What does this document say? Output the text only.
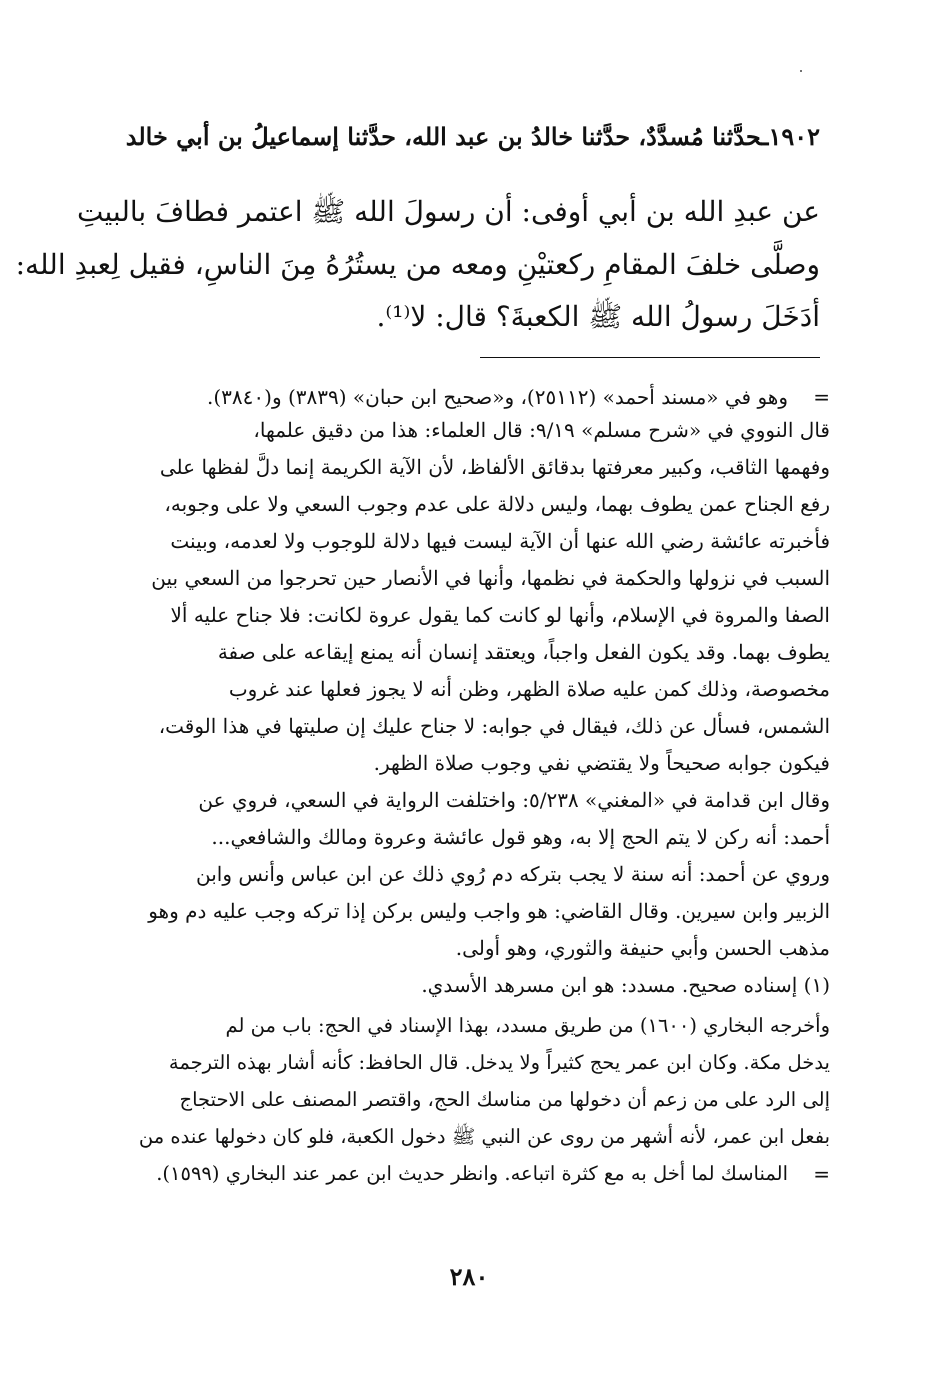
١٩٠٢ـحدَّثنا مُسدَّدٌ، حدَّثنا خالدُ بن عبد الله، حدَّثنا إسماعيلُ بن أبي خالد
عن عبدِ الله بن أبي أوفى: أن رسولَ الله ﷺ اعتمر فطافَ بالبيتِ
وصلَّى خلفَ المقامِ ركعتيْنِ ومعه من يستُرُهُ مِنَ الناسِ، فقيل لِعبدِ الله:
أدَخَلَ رسولُ الله ﷺ الكعبةَ؟ قال: لا⁽¹⁾.
=
وهو في «مسند أحمد» (٢٥١١٢)، و«صحيح ابن حبان» (٣٨٣٩) و(٣٨٤٠).
قال النووي في «شرح مسلم» ٩/١٩: قال العلماء: هذا من دقيق علمها،
وفهمها الثاقب، وكبير معرفتها بدقائق الألفاظ، لأن الآية الكريمة إنما دلَّ لفظها على
رفع الجناح عمن يطوف بهما، وليس دلالة على عدم وجوب السعي ولا على وجوبه،
فأخبرته عائشة رضي الله عنها أن الآية ليست فيها دلالة للوجوب ولا لعدمه، وبينت
السبب في نزولها والحكمة في نظمها، وأنها في الأنصار حين تحرجوا من السعي بين
الصفا والمروة في الإسلام، وأنها لو كانت كما يقول عروة لكانت: فلا جناح عليه ألا
يطوف بهما. وقد يكون الفعل واجباً، ويعتقد إنسان أنه يمنع إيقاعه على صفة
مخصوصة، وذلك كمن عليه صلاة الظهر، وظن أنه لا يجوز فعلها عند غروب
الشمس، فسأل عن ذلك، فيقال في جوابه: لا جناح عليك إن صليتها في هذا الوقت،
فيكون جوابه صحيحاً ولا يقتضي نفي وجوب صلاة الظهر.
وقال ابن قدامة في «المغني» ٥/٢٣٨: واختلفت الرواية في السعي، فروي عن
أحمد: أنه ركن لا يتم الحج إلا به، وهو قول عائشة وعروة ومالك والشافعي...
وروي عن أحمد: أنه سنة لا يجب بتركه دم رُوي ذلك عن ابن عباس وأنس وابن
الزبير وابن سيرين. وقال القاضي: هو واجب وليس بركن إذا تركه وجب عليه دم وهو
مذهب الحسن وأبي حنيفة والثوري، وهو أولى.
(١) إسناده صحيح. مسدد: هو ابن مسرهد الأسدي.
وأخرجه البخاري (١٦٠٠) من طريق مسدد، بهذا الإسناد في الحج: باب من لم
يدخل مكة. وكان ابن عمر يحج كثيراً ولا يدخل. قال الحافظ: كأنه أشار بهذه الترجمة
إلى الرد على من زعم أن دخولها من مناسك الحج، واقتصر المصنف على الاحتجاج
بفعل ابن عمر، لأنه أشهر من روى عن النبي ﷺ دخول الكعبة، فلو كان دخولها عنده من
المناسك لما أخل به مع كثرة اتباعه. وانظر حديث ابن عمر عند البخاري (١٥٩٩). =
٢٨٠
